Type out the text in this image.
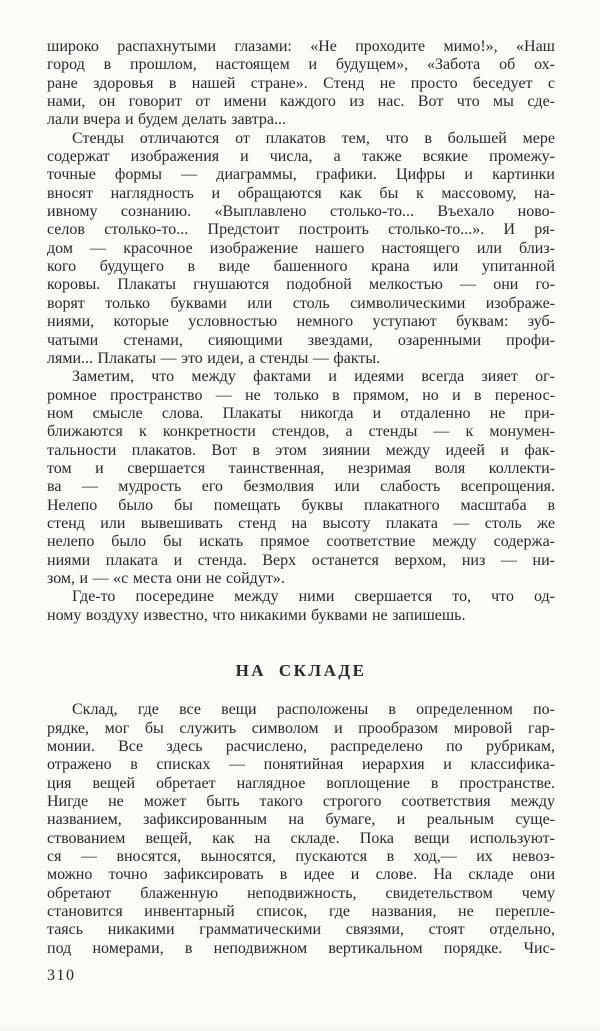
широко распахнутыми глазами: «Не проходите мимо!», «Наш
город в прошлом, настоящем и будущем», «Забота об ох-
ране здоровья в нашей стране». Стенд не просто беседует с
нами, он говорит от имени каждого из нас. Вот что мы сде-
лали вчера и будем делать завтра...
Стенды отличаются от плакатов тем, что в большей мере
содержат изображения и числа, а также всякие промежу-
точные формы — диаграммы, графики. Цифры и картинки
вносят наглядность и обращаются как бы к массовому, на-
ивному сознанию. «Выплавлено столько-то... Въехало ново-
селов столько-то... Предстоит построить столько-то...». И ря-
дом — красочное изображение нашего настоящего или близ-
кого будущего в виде башенного крана или упитанной
коровы. Плакаты гнушаются подобной мелкостью — они го-
ворят только буквами или столь символическими изображе-
ниями, которые условностью немного уступают буквам: зуб-
чатыми стенами, сияющими звездами, озаренными профи-
лями... Плакаты — это идеи, а стенды — факты.
Заметим, что между фактами и идеями всегда зияет ог-
ромное пространство — не только в прямом, но и в перенос-
ном смысле слова. Плакаты никогда и отдаленно не при-
ближаются к конкретности стендов, а стенды — к монумен-
тальности плакатов. Вот в этом зиянии между идеей и фак-
том и свершается таинственная, незримая воля коллекти-
ва — мудрость его безмолвия или слабость всепрощения.
Нелепо было бы помещать буквы плакатного масштаба в
стенд или вывешивать стенд на высоту плаката — столь же
нелепо было бы искать прямое соответствие между содержа-
ниями плаката и стенда. Верх останется верхом, низ — ни-
зом, и — «с места они не сойдут».
Где-то посередине между ними свершается то, что од-
ному воздуху известно, что никакими буквами не запишешь.
НА СКЛАДЕ
Склад, где все вещи расположены в определенном по-
рядке, мог бы служить символом и прообразом мировой гар-
монии. Все здесь расчислено, распределено по рубрикам,
отражено в списках — понятийная иерархия и классифика-
ция вещей обретает наглядное воплощение в пространстве.
Нигде не может быть такого строгого соответствия между
названием, зафиксированным на бумаге, и реальным суще-
ствованием вещей, как на складе. Пока вещи используют-
ся — вносятся, выносятся, пускаются в ход,— их невоз-
можно точно зафиксировать в идее и слове. На складе они
обретают блаженную неподвижность, свидетельством чему
становится инвентарный список, где названия, не перепле-
таясь никакими грамматическими связями, стоят отдельно,
под номерами, в неподвижном вертикальном порядке. Чис-
310
